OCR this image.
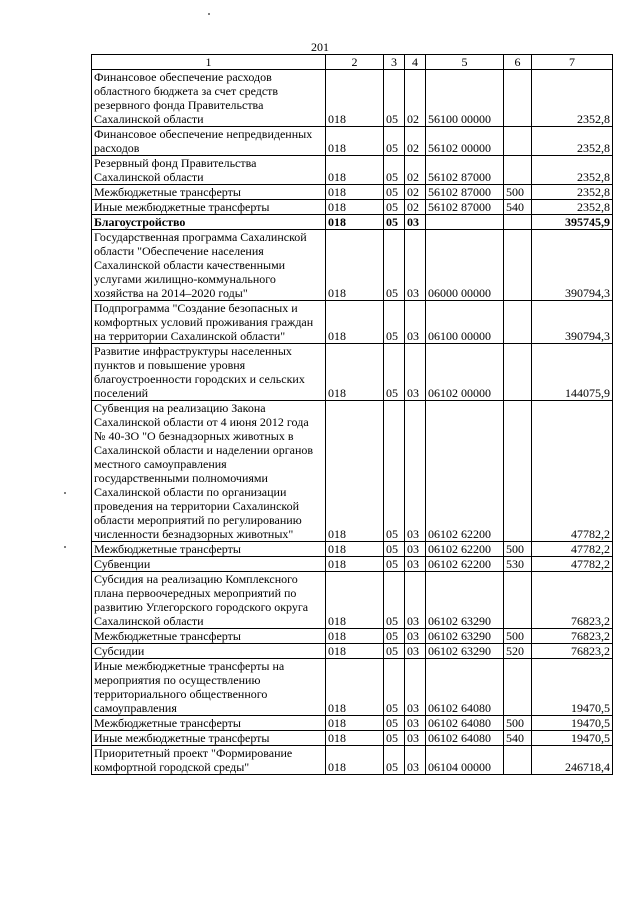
201
1	2	3	4	5	6	7
Финансовое обеспечение расходов областного бюджета за счет средств резервного фонда Правительства Сахалинской области	018	05	02	56100 00000		2352,8
Финансовое обеспечение непредвиденных расходов	018	05	02	56102 00000		2352,8
Резервный фонд Правительства Сахалинской области	018	05	02	56102 87000		2352,8
Межбюджетные трансферты	018	05	02	56102 87000	500	2352,8
Иные межбюджетные трансферты	018	05	02	56102 87000	540	2352,8
Благоустройство	018	05	03			395745,9
Государственная программа Сахалинской области "Обеспечение населения Сахалинской области качественными услугами жилищно-коммунального хозяйства на 2014–2020 годы"	018	05	03	06000 00000		390794,3
Подпрограмма "Создание безопасных и комфортных условий проживания граждан на территории Сахалинской области"	018	05	03	06100 00000		390794,3
Развитие инфраструктуры населенных пунктов и повышение уровня благоустроенности городских и сельских поселений	018	05	03	06102 00000		144075,9
Субвенция на реализацию Закона Сахалинской области от 4 июня 2012 года № 40-ЗО "О безнадзорных животных в Сахалинской области и наделении органов местного самоуправления государственными полномочиями Сахалинской области по организации проведения на территории Сахалинской области мероприятий по регулированию численности безнадзорных животных"	018	05	03	06102 62200		47782,2
Межбюджетные трансферты	018	05	03	06102 62200	500	47782,2
Субвенции	018	05	03	06102 62200	530	47782,2
Субсидия на реализацию Комплексного плана первоочередных мероприятий по развитию Углегорского городского округа Сахалинской области	018	05	03	06102 63290		76823,2
Межбюджетные трансферты	018	05	03	06102 63290	500	76823,2
Субсидии	018	05	03	06102 63290	520	76823,2
Иные межбюджетные трансферты на мероприятия по осуществлению территориального общественного самоуправления	018	05	03	06102 64080		19470,5
Межбюджетные трансферты	018	05	03	06102 64080	500	19470,5
Иные межбюджетные трансферты	018	05	03	06102 64080	540	19470,5
Приоритетный проект "Формирование комфортной городской среды"	018	05	03	06104 00000		246718,4
